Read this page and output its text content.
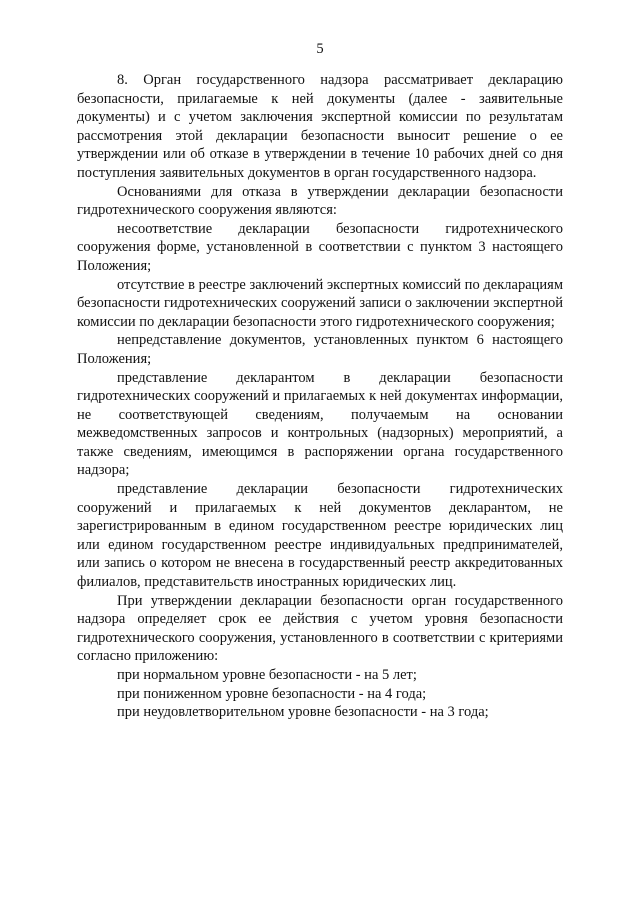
5

8. Орган государственного надзора рассматривает декларацию безопасности, прилагаемые к ней документы (далее - заявительные документы) и с учетом заключения экспертной комиссии по результатам рассмотрения этой декларации безопасности выносит решение о ее утверждении или об отказе в утверждении в течение 10 рабочих дней со дня поступления заявительных документов в орган государственного надзора.

Основаниями для отказа в утверждении декларации безопасности гидротехнического сооружения являются:

несоответствие декларации безопасности гидротехнического сооружения форме, установленной в соответствии с пунктом 3 настоящего Положения;

отсутствие в реестре заключений экспертных комиссий по декларациям безопасности гидротехнических сооружений записи о заключении экспертной комиссии по декларации безопасности этого гидротехнического сооружения;

непредставление документов, установленных пунктом 6 настоящего Положения;

представление декларантом в декларации безопасности гидротехнических сооружений и прилагаемых к ней документах информации, не соответствующей сведениям, получаемым на основании межведомственных запросов и контрольных (надзорных) мероприятий, а также сведениям, имеющимся в распоряжении органа государственного надзора;

представление декларации безопасности гидротехнических сооружений и прилагаемых к ней документов декларантом, не зарегистрированным в едином государственном реестре юридических лиц или едином государственном реестре индивидуальных предпринимателей, или запись о котором не внесена в государственный реестр аккредитованных филиалов, представительств иностранных юридических лиц.

При утверждении декларации безопасности орган государственного надзора определяет срок ее действия с учетом уровня безопасности гидротехнического сооружения, установленного в соответствии с критериями согласно приложению:

при нормальном уровне безопасности - на 5 лет;

при пониженном уровне безопасности - на 4 года;

при неудовлетворительном уровне безопасности - на 3 года;
